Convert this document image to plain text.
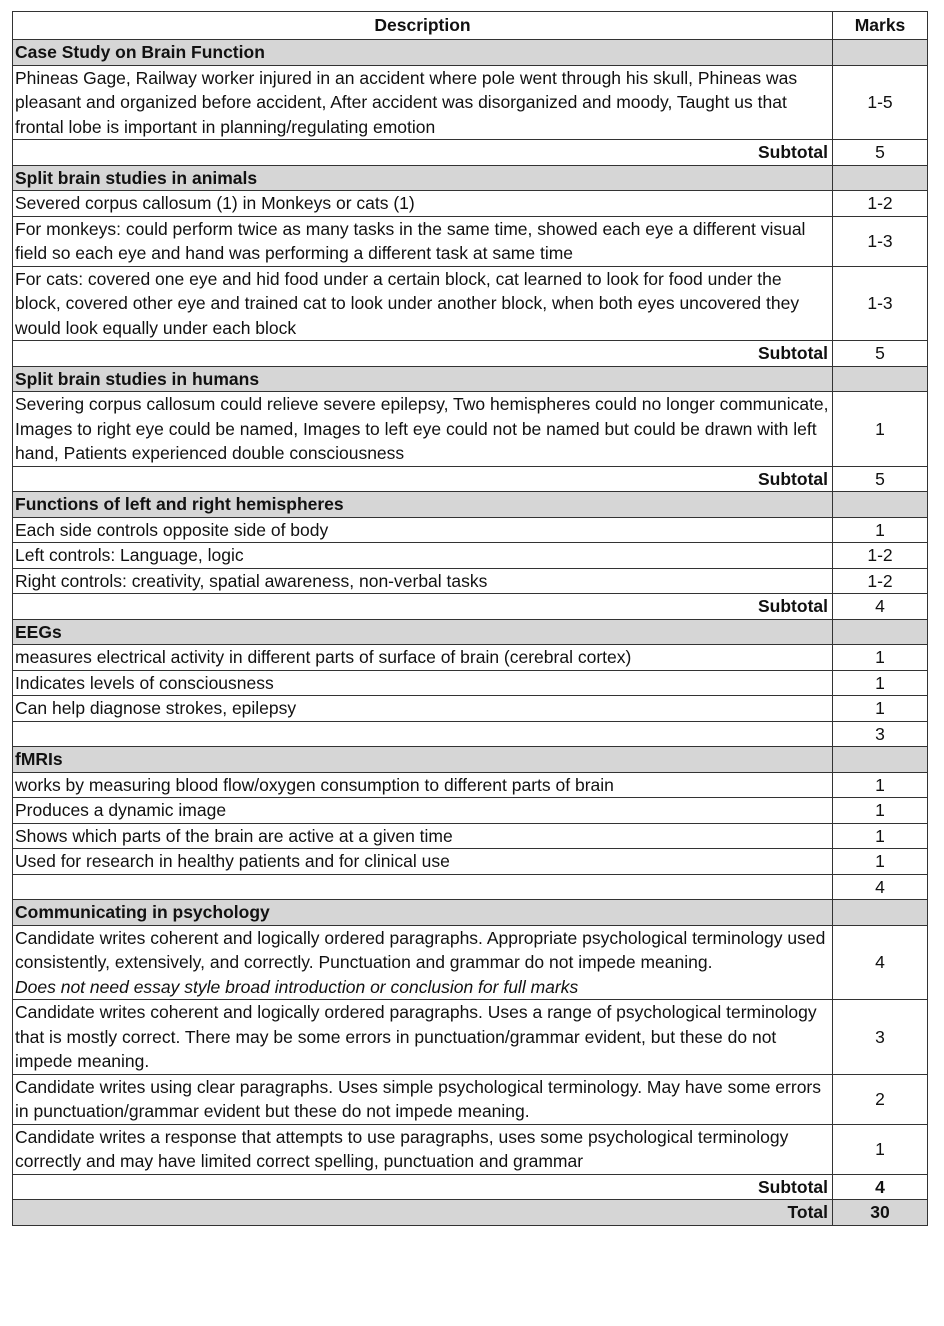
Description	Marks
Case Study on Brain Function	

Phineas Gage, Railway worker injured in an accident where pole went through his skull, Phineas was pleasant and organized before accident, After accident was disorganized and moody, Taught us that frontal lobe is important in planning/regulating emotion	1-5
Subtotal	5
Split brain studies in animals	

Severed corpus callosum (1) in Monkeys or cats (1)	1-2

For monkeys: could perform twice as many tasks in the same time, showed each eye a different visual field so each eye and hand was performing a different task at same time	1-3

For cats: covered one eye and hid food under a certain block, cat learned to look for food under the block, covered other eye and trained cat to look under another block, when both eyes uncovered they would look equally under each block	1-3
Subtotal	5
Split brain studies in humans	

Severing corpus callosum could relieve severe epilepsy, Two hemispheres could no longer communicate, Images to right eye could be named, Images to left eye could not be named but could be drawn with left hand, Patients experienced double consciousness	1
Subtotal	5
Functions of left and right hemispheres	

Each side controls opposite side of body	1

Left controls: Language, logic	1-2

Right controls: creativity, spatial awareness, non-verbal tasks	1-2
Subtotal	4
EEGs	

measures electrical activity in different parts of surface of brain (cerebral cortex)	1

Indicates levels of consciousness	1

Can help diagnose strokes, epilepsy	1
	3
fMRIs	

works by measuring blood flow/oxygen consumption to different parts of brain	1

Produces a dynamic image	1

Shows which parts of the brain are active at a given time	1

Used for research in healthy patients and for clinical use	1
	4
Communicating in psychology	

Candidate writes coherent and logically ordered paragraphs. Appropriate psychological terminology used consistently, extensively, and correctly. Punctuation and grammar do not impede meaning.
Does not need essay style broad introduction or conclusion for full marks	4

Candidate writes coherent and logically ordered paragraphs. Uses a range of psychological terminology that is mostly correct. There may be some errors in punctuation/grammar evident, but these do not impede meaning.	3

Candidate writes using clear paragraphs. Uses simple psychological terminology. May have some errors in punctuation/grammar evident but these do not impede meaning.	2

Candidate writes a response that attempts to use paragraphs, uses some psychological terminology correctly and may have limited correct spelling, punctuation and grammar	1
Subtotal	4
Total	30
